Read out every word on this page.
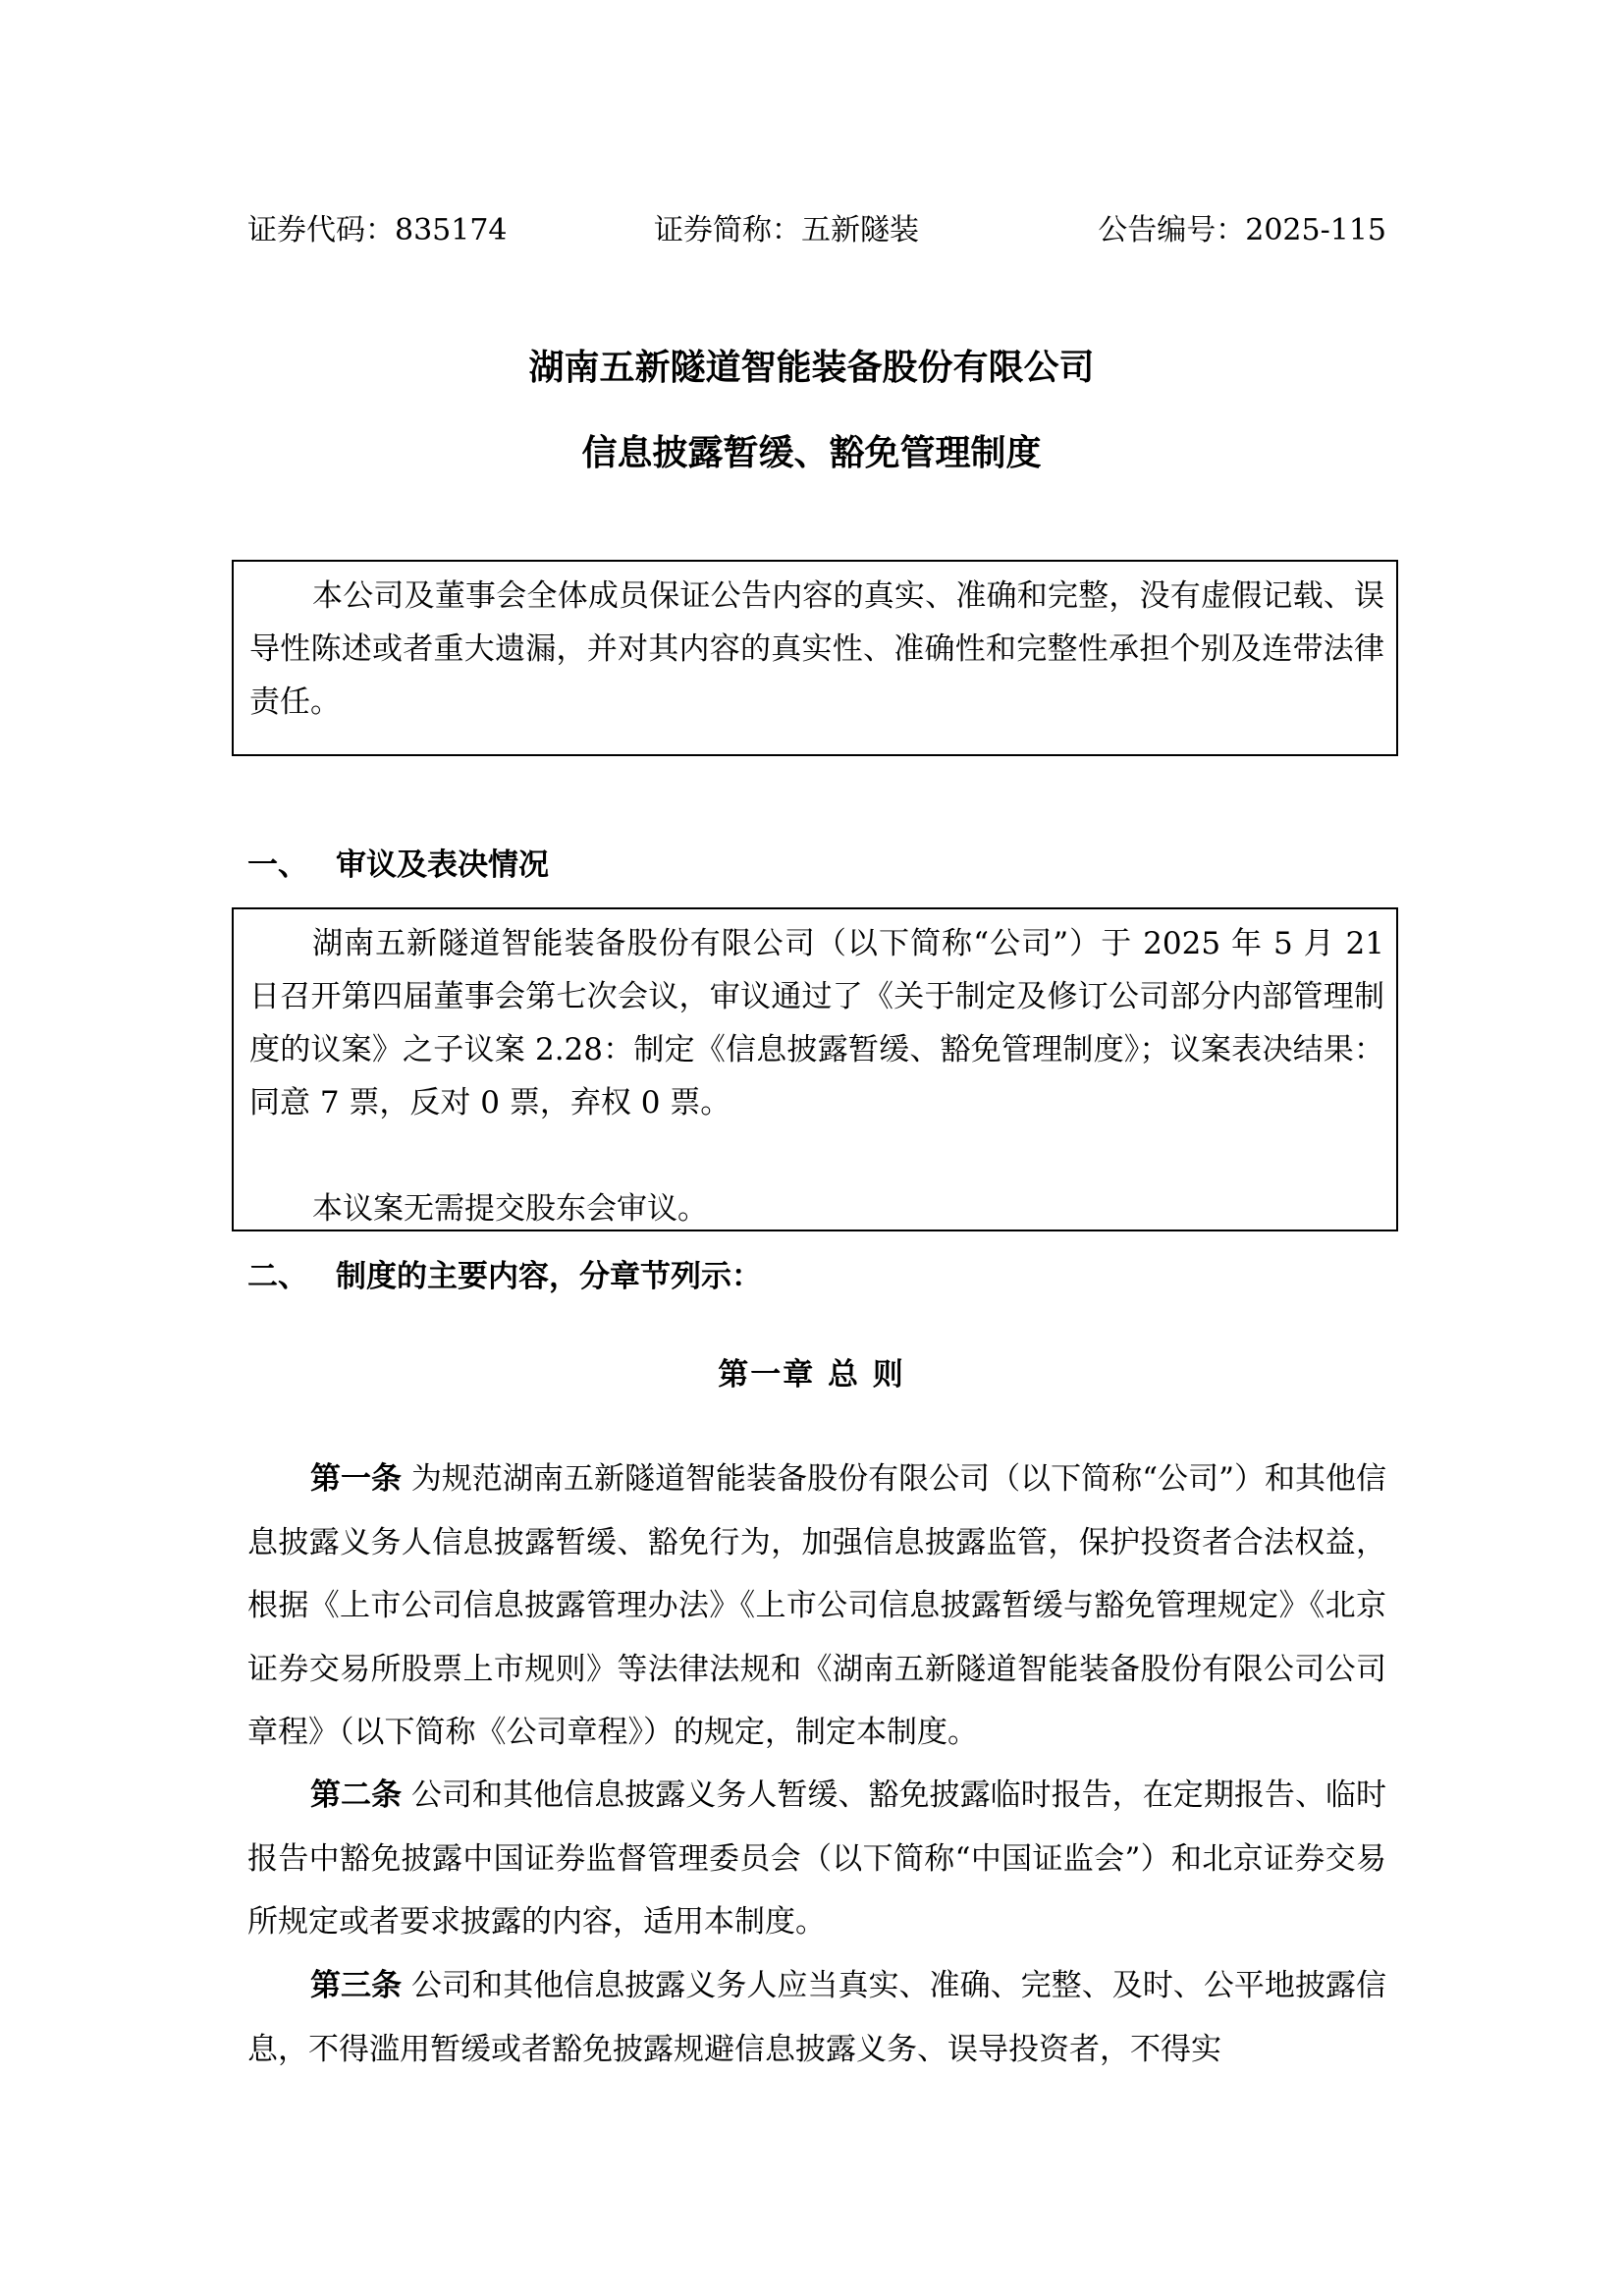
证券代码：835174	证券简称：五新隧装	公告编号：2025-115
湖南五新隧道智能装备股份有限公司
信息披露暂缓、豁免管理制度

本公司及董事会全体成员保证公告内容的真实、准确和完整，没有虚假记载、误导性陈述或者重大遗漏，并对其内容的真实性、准确性和完整性承担个别及连带法律责任。

一、 审议及表决情况

湖南五新隧道智能装备股份有限公司（以下简称“公司”）于 2025 年 5 月 21 日召开第四届董事会第七次会议，审议通过了《关于制定及修订公司部分内部管理制度的议案》之子议案 2.28：制定《信息披露暂缓、豁免管理制度》；议案表决结果：同意 7 票，反对 0 票，弃权 0 票。

本议案无需提交股东会审议。

二、 制度的主要内容，分章节列示：
第一章 总 则

第一条 为规范湖南五新隧道智能装备股份有限公司（以下简称“公司”）和其他信息披露义务人信息披露暂缓、豁免行为，加强信息披露监管，保护投资者合法权益，根据《上市公司信息披露管理办法》《上市公司信息披露暂缓与豁免管理规定》《北京证券交易所股票上市规则》等法律法规和《湖南五新隧道智能装备股份有限公司公司章程》（以下简称《公司章程》）的规定，制定本制度。

第二条 公司和其他信息披露义务人暂缓、豁免披露临时报告，在定期报告、临时报告中豁免披露中国证券监督管理委员会（以下简称“中国证监会”）和北京证券交易所规定或者要求披露的内容，适用本制度。

第三条 公司和其他信息披露义务人应当真实、准确、完整、及时、公平地披露信息，不得滥用暂缓或者豁免披露规避信息披露义务、误导投资者，不得实
